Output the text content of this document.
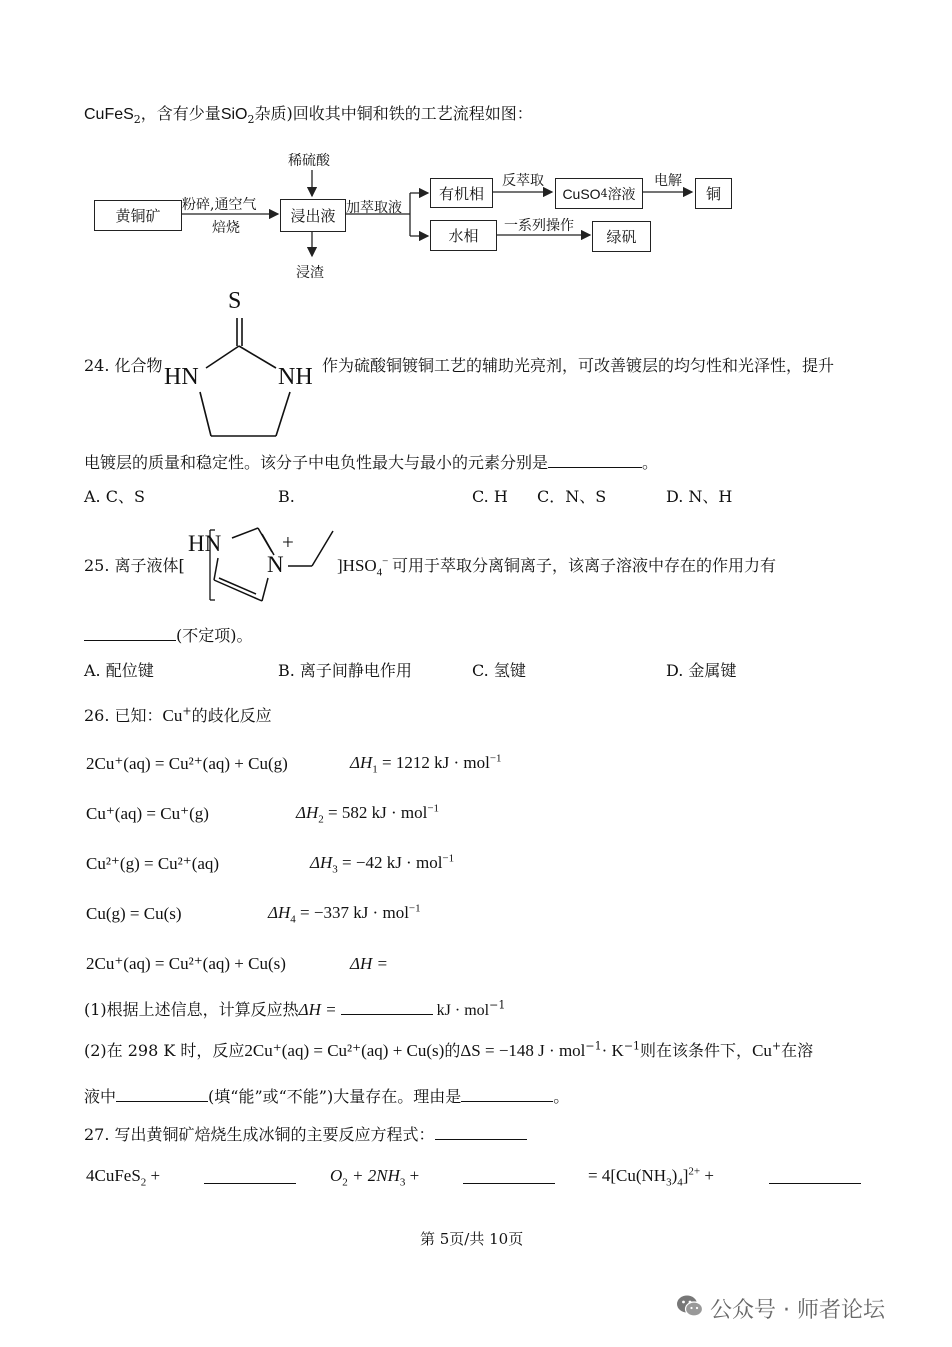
CuFeS$_2$，含有少量SiO$_2$杂质)回收其中铜和铁的工艺流程如图：
黄铜矿
粉碎,通空气
焙烧
稀硫酸
浸出液
浸渣
加萃取液
有机相
水相
反萃取
CuSO 4 溶液
电解
铜
一系列操作
绿矾
24. 化合物
S
HN	NH 作为硫酸铜镀铜工艺的辅助光亮剂，可改善镀层的均匀性和光泽性，提升
电镀层的质量和稳定性。该分子中电负性最大与最小的元素分别是	。
A. C、S	B.	C. H C．N、S	D. N、H
25. 离子液体[
HN
N
+
]$HSO_4^-$ 可用于萃取分离铜离子，该离子溶液中存在的作用力有
(不定项)。
A. 配位键	B. 离子间静电作用	C. 氢键	D. 金属键
26. 已知：Cu+的歧化反应
2Cu⁺(aq) = Cu²⁺(aq) + Cu(g)	$\Delta H_1 = 1212$ kJ · mol$^{-1}$
Cu⁺(aq) = Cu⁺(g)	$\Delta H_2 = 582$ kJ · mol$^{-1}$
Cu²⁺(g) = Cu²⁺(aq)	$\Delta H_3 = -42$ kJ · mol$^{-1}$
Cu(g) = Cu(s)	$\Delta H_4 = -337$ kJ · mol$^{-1}$
2Cu⁺(aq) = Cu²⁺(aq) + Cu(s)	ΔH =
(1)根据上述信息，计算反应热ΔH =	kJ · mol$^{-1}$
(2)在 298 K 时，反应2Cu⁺(aq) = Cu²⁺(aq) + Cu(s)的ΔS = −148 $J \cdot mol^{-1}\cdot K^{-1}$则在该条件下，Cu+在溶
液中	(填“能”或“不能”)大量存在。理由是	。
27. 写出黄铜矿焙烧生成冰铜的主要反应方程式：
4CuFeS$_2$ +	$O_2 + 2NH_3$ +	= $4[Cu(NH_3)_4]^{2+}$ +
第 5页/共 10页
公众号 · 师者论坛
